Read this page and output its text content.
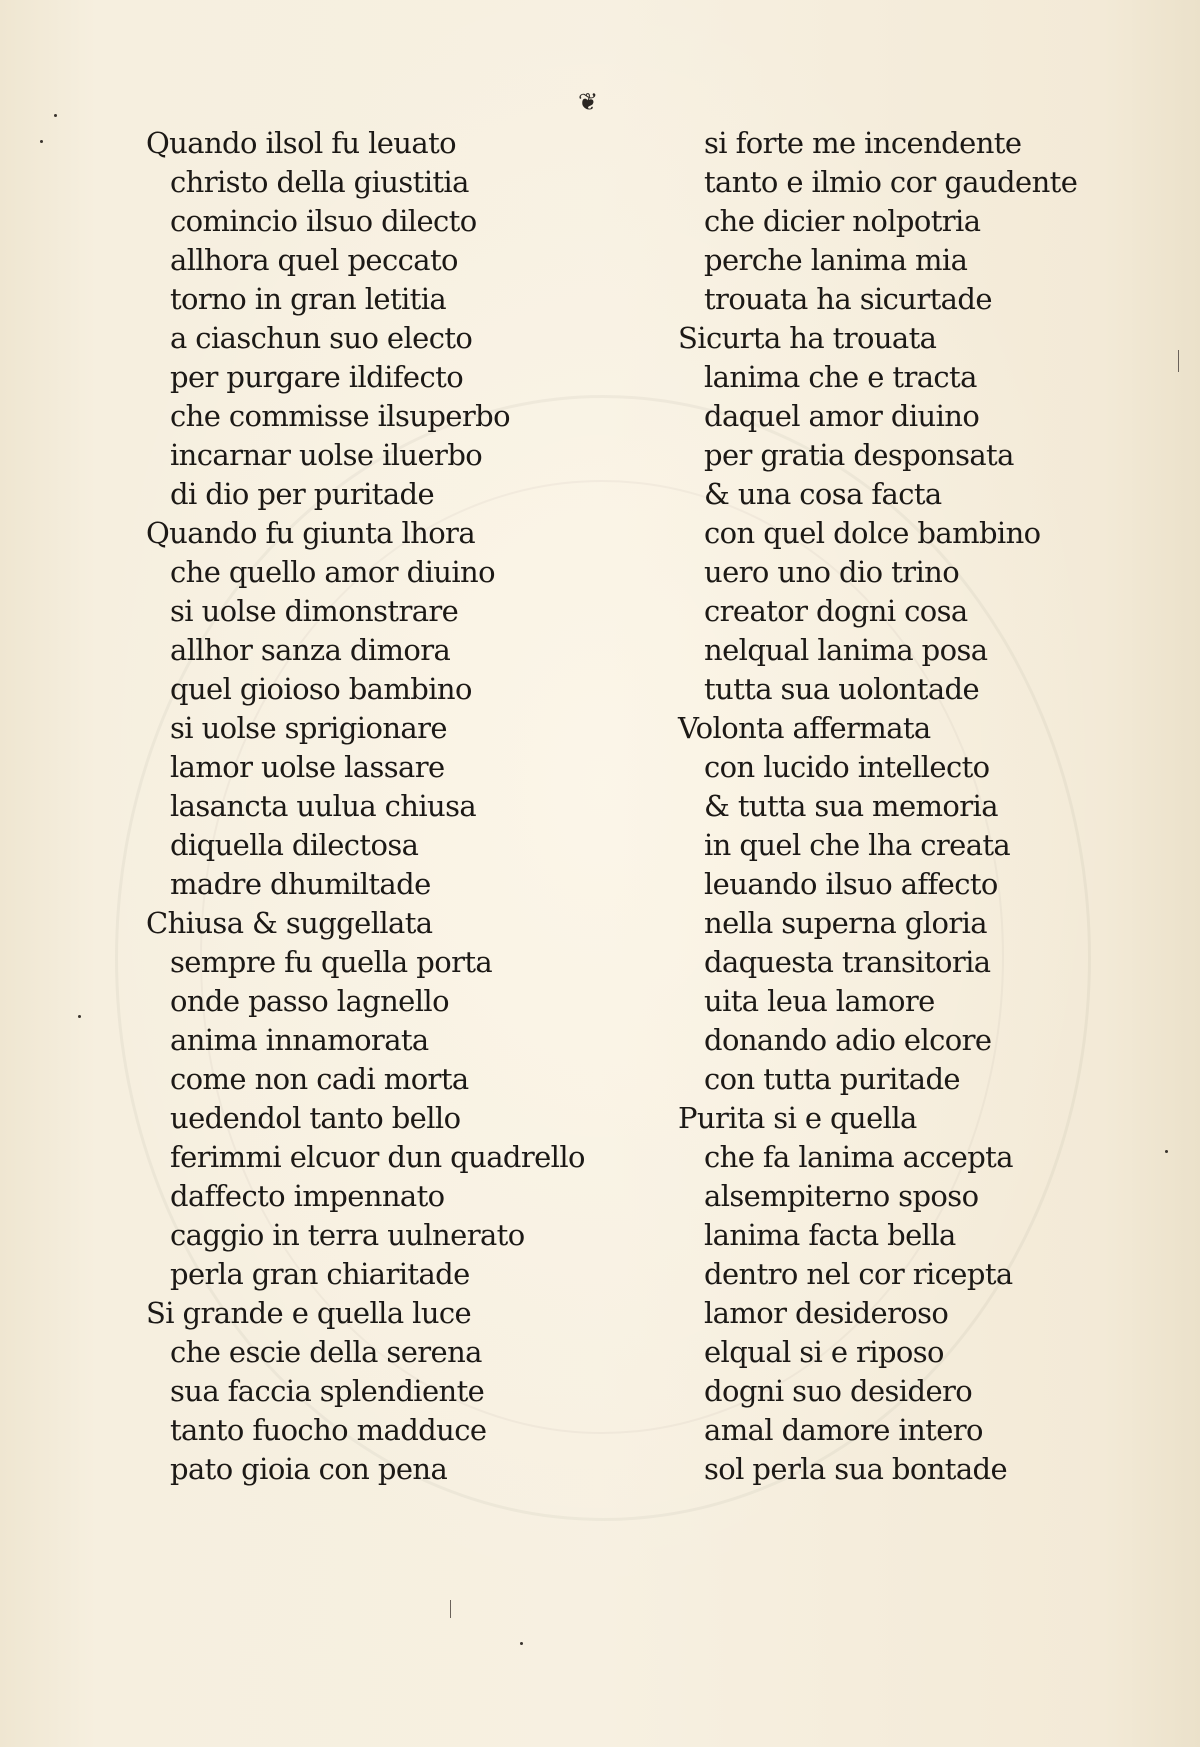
❦
Quando ilsol fu leuato
christo della giustitia
comincio ilsuo dilecto
allhora quel peccato
torno in gran letitia
a ciaschun suo electo
per purgare ildifecto
che commisse ilsuperbo
incarnar uolse iluerbo
di dio per puritade
Quando fu giunta lhora
che quello amor diuino
si uolse dimonstrare
allhor sanza dimora
quel gioioso bambino
si uolse sprigionare
lamor uolse lassare
lasancta uulua chiusa
diquella dilectosa
madre dhumiltade
Chiusa & suggellata
sempre fu quella porta
onde passo lagnello
anima innamorata
come non cadi morta
uedendol tanto bello
ferimmi elcuor dun quadrello
daffecto impennato
caggio in terra uulnerato
perla gran chiaritade
Si grande e quella luce
che escie della serena
sua faccia splendiente
tanto fuocho madduce
pato gioia con pena
si forte me incendente
tanto e ilmio cor gaudente
che dicier nolpotria
perche lanima mia
trouata ha sicurtade
Sicurta ha trouata
lanima che e tracta
daquel amor diuino
per gratia desponsata
& una cosa facta
con quel dolce bambino
uero uno dio trino
creator dogni cosa
nelqual lanima posa
tutta sua uolontade
Volonta affermata
con lucido intellecto
& tutta sua memoria
in quel che lha creata
leuando ilsuo affecto
nella superna gloria
daquesta transitoria
uita leua lamore
donando adio elcore
con tutta puritade
Purita si e quella
che fa lanima accepta
alsempiterno sposo
lanima facta bella
dentro nel cor ricepta
lamor desideroso
elqual si e riposo
dogni suo desidero
amal damore intero
sol perla sua bontade
